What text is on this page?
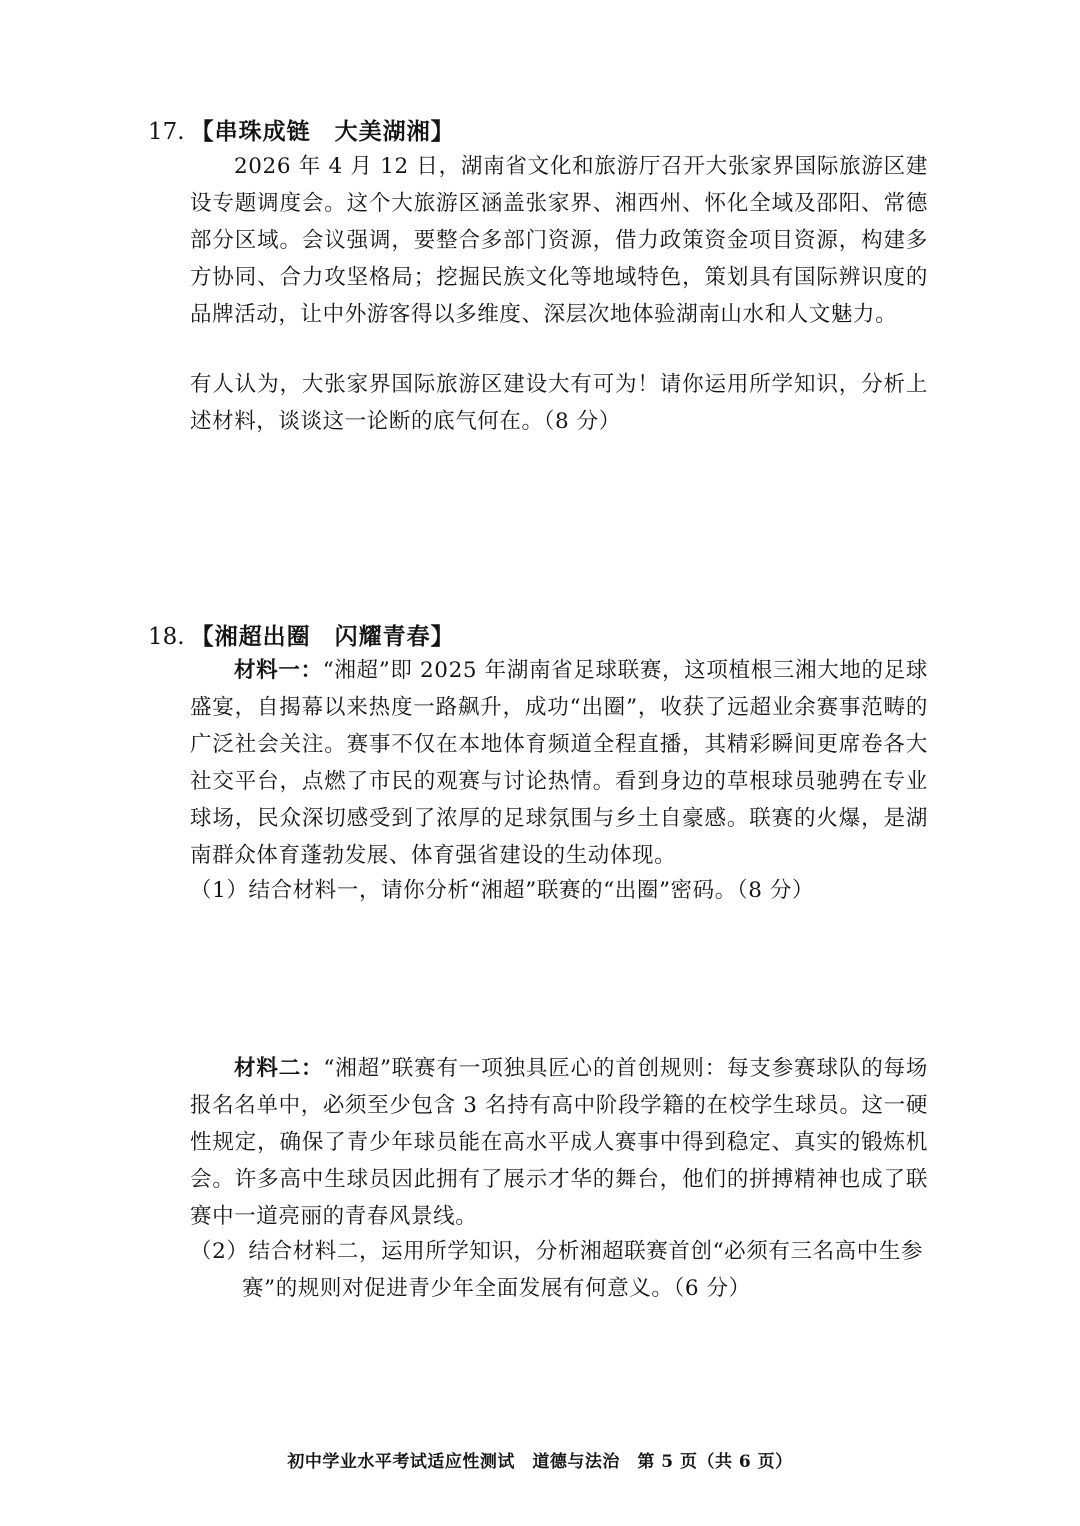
17. 【串珠成链　大美湖湘】
2026 年 4 月 12 日，湖南省文化和旅游厅召开大张家界国际旅游区建设专题调度会。这个大旅游区涵盖张家界、湘西州、怀化全域及邵阳、常德部分区域。会议强调，要整合多部门资源，借力政策资金项目资源，构建多方协同、合力攻坚格局；挖掘民族文化等地域特色，策划具有国际辨识度的品牌活动，让中外游客得以多维度、深层次地体验湖南山水和人文魅力。
有人认为，大张家界国际旅游区建设大有可为！请你运用所学知识，分析上述材料，谈谈这一论断的底气何在。（8 分）
18. 【湘超出圈　闪耀青春】
材料一：“湘超”即 2025 年湖南省足球联赛，这项植根三湘大地的足球盛宴，自揭幕以来热度一路飙升，成功“出圈”，收获了远超业余赛事范畴的广泛社会关注。赛事不仅在本地体育频道全程直播，其精彩瞬间更席卷各大社交平台，点燃了市民的观赛与讨论热情。看到身边的草根球员驰骋在专业球场，民众深切感受到了浓厚的足球氛围与乡土自豪感。联赛的火爆，是湖南群众体育蓬勃发展、体育强省建设的生动体现。
（1）结合材料一，请你分析“湘超”联赛的“出圈”密码。（8 分）
材料二：“湘超”联赛有一项独具匠心的首创规则：每支参赛球队的每场报名名单中，必须至少包含 3 名持有高中阶段学籍的在校学生球员。这一硬性规定，确保了青少年球员能在高水平成人赛事中得到稳定、真实的锻炼机会。许多高中生球员因此拥有了展示才华的舞台，他们的拼搏精神也成了联赛中一道亮丽的青春风景线。
（2）结合材料二，运用所学知识，分析湘超联赛首创“必须有三名高中生参赛”的规则对促进青少年全面发展有何意义。（6 分）
初中学业水平考试适应性测试　道德与法治　第 5 页（共 6 页）
